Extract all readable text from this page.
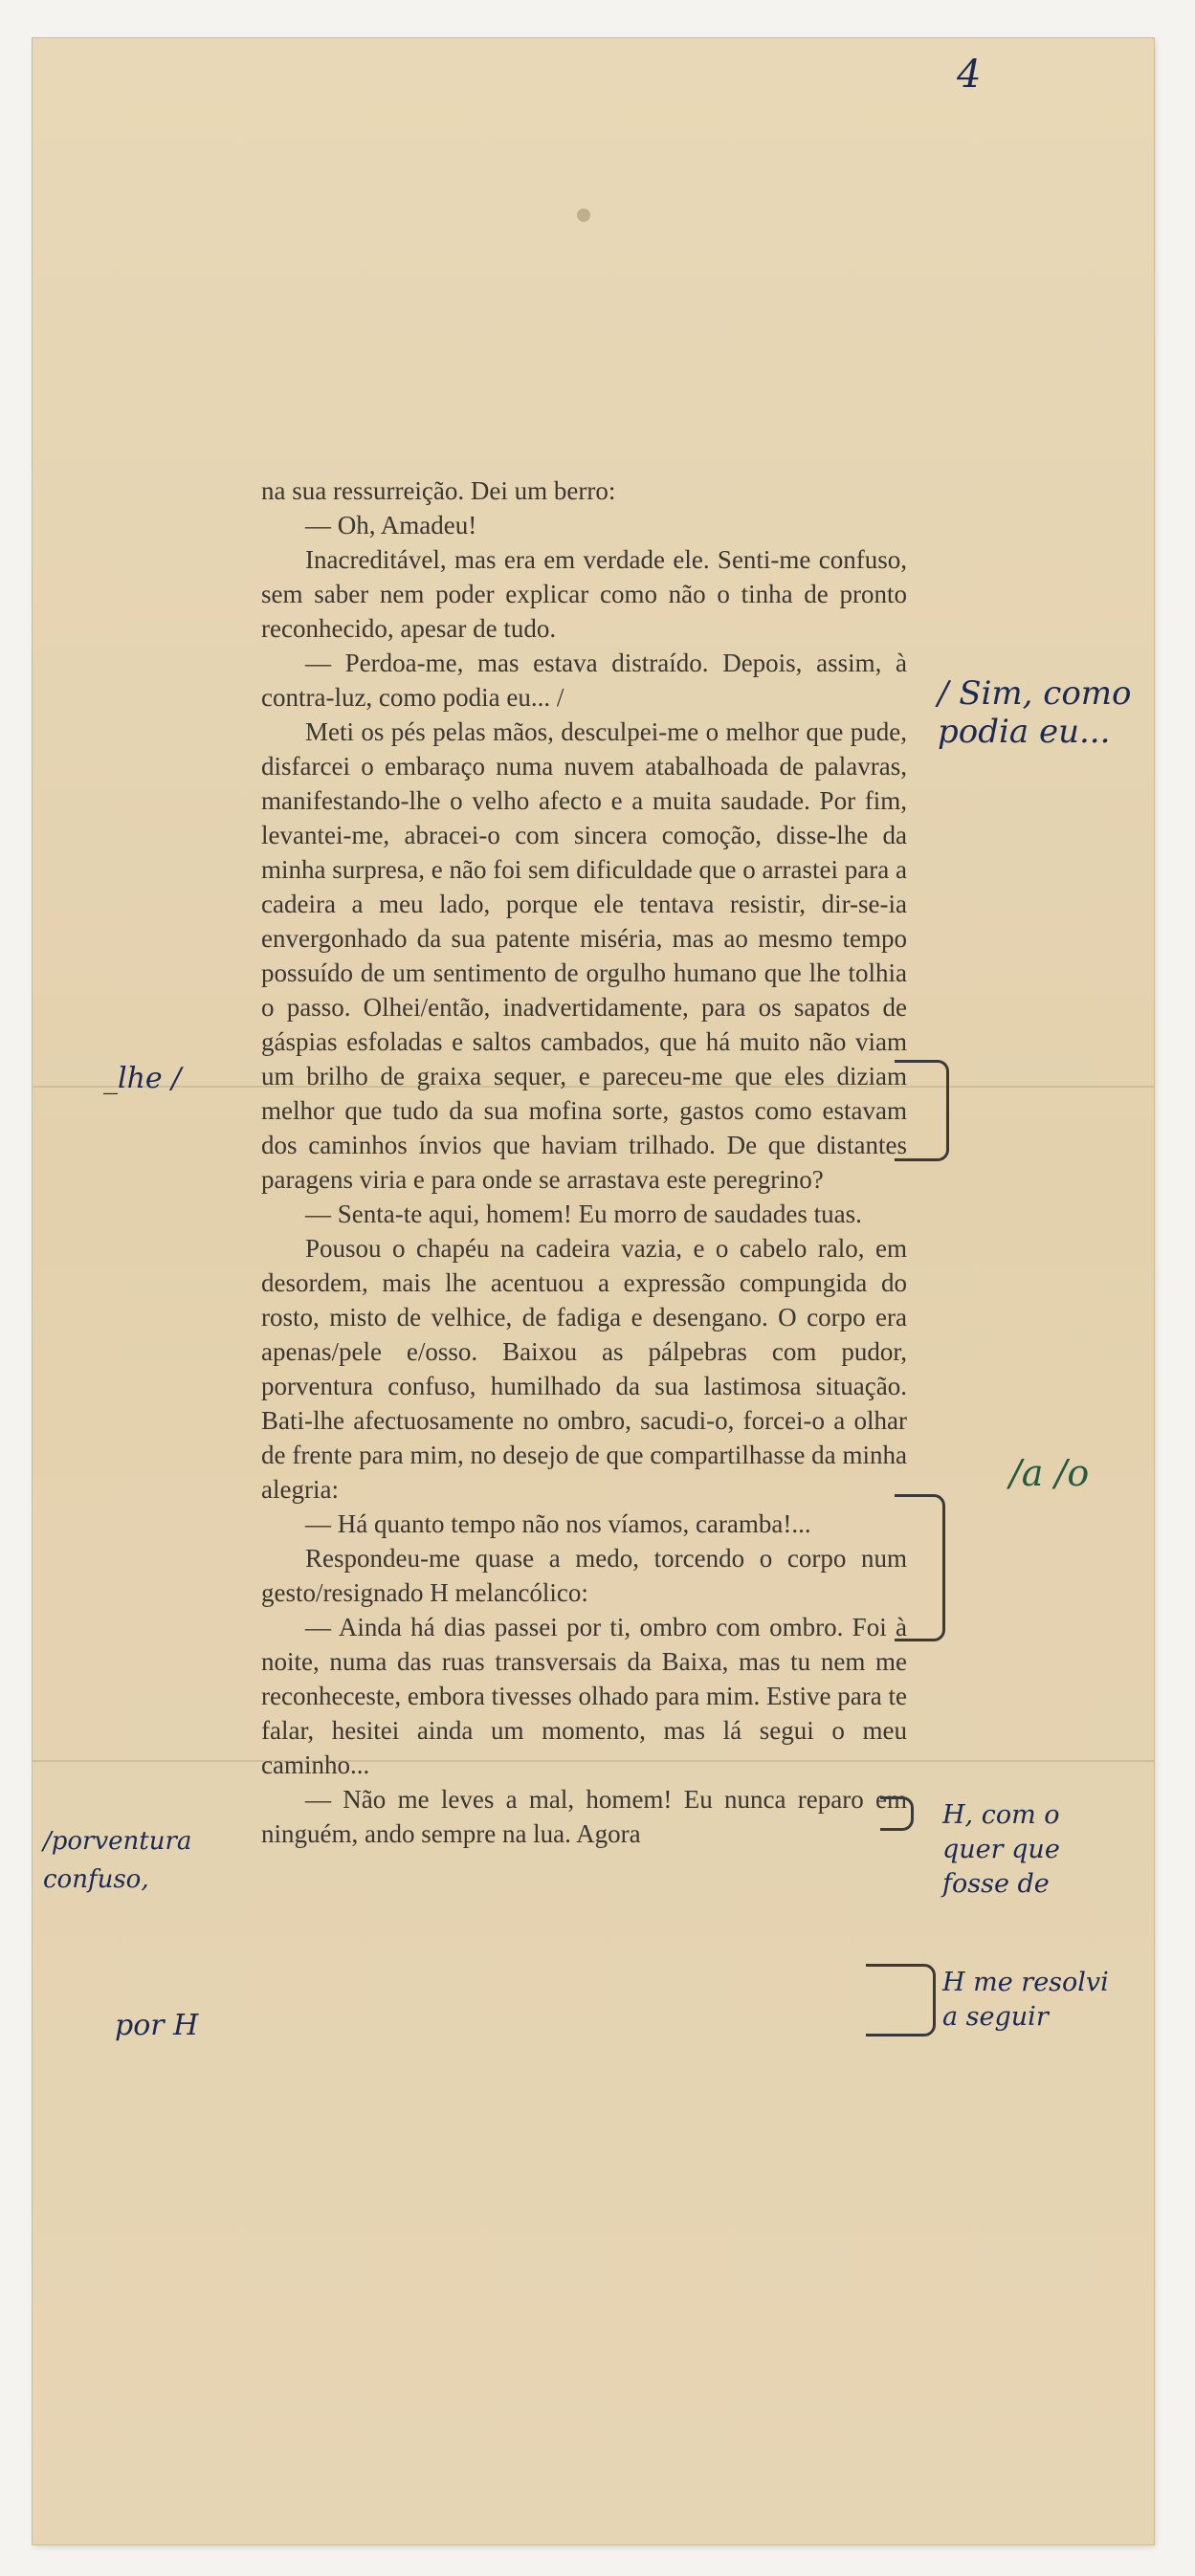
4

na sua ressurreição. Dei um berro:

— Oh, Amadeu!

Inacreditável, mas era em verdade ele. Senti-me confuso, sem saber nem poder explicar como não o tinha de pronto reconhecido, apesar de tudo.

— Perdoa-me, mas estava distraído. Depois, assim, à contra-luz, como podia eu... /

Meti os pés pelas mãos, desculpei-me o melhor que pude, disfarcei o embaraço numa nuvem atabalhoada de palavras, manifestando-lhe o velho afecto e a muita saudade. Por fim, levantei-me, abracei-o com sincera comoção, disse-lhe da minha surpresa, e não foi sem dificuldade que o arrastei para a cadeira a meu lado, porque ele tentava resistir, dir-se-ia envergonhado da sua patente miséria, mas ao mesmo tempo possuído de um sentimento de orgulho humano que lhe tolhia o passo. Olhei/então, inadvertidamente, para os sapatos de gáspias esfoladas e saltos cambados, que há muito não viam um brilho de graixa sequer, e pareceu-me que eles diziam melhor que tudo da sua mofina sorte, gastos como estavam dos caminhos ínvios que haviam trilhado. De que distantes paragens viria e para onde se arrastava este peregrino?

— Senta-te aqui, homem! Eu morro de saudades tuas.

Pousou o chapéu na cadeira vazia, e o cabelo ralo, em desordem, mais lhe acentuou a expressão compungida do rosto, misto de velhice, de fadiga e desengano. O corpo era apenas/pele e/osso. Baixou as pálpebras com pudor, porventura confuso, humilhado da sua lastimosa situação. Bati-lhe afectuosamente no ombro, sacudi-o, forcei-o a olhar de frente para mim, no desejo de que compartilhasse da minha alegria:

— Há quanto tempo não nos víamos, caramba!...

Respondeu-me quase a medo, torcendo o corpo num gesto/resignado H melancólico:

— Ainda há dias passei por ti, ombro com ombro. Foi à noite, numa das ruas transversais da Baixa, mas tu nem me reconheceste, embora tivesses olhado para mim. Estive para te falar, hesitei ainda um momento, mas lá segui o meu caminho...

— Não me leves a mal, homem! Eu nunca reparo em ninguém, ando sempre na lua. Agora

/ Sim, como
podia eu...
_lhe /
/a /o
/porventura
confuso,
por H
H, com o
quer que
fosse de
H me resolvi
a seguir
